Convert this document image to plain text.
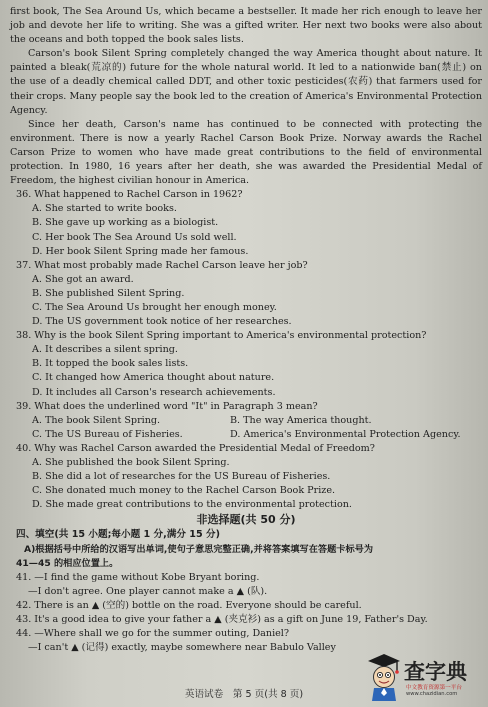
first book, The Sea Around Us, which became a bestseller. It made her rich enough to leave her job and devote her life to writing. She was a gifted writer. Her next two books were also about the oceans and both topped the book sales lists.

Carson's book Silent Spring completely changed the way America thought about nature. It painted a bleak(荒凉的) future for the whole natural world. It led to a nationwide ban(禁止) on the use of a deadly chemical called DDT, and other toxic pesticides(农药) that farmers used for their crops. Many people say the book led to the creation of America's Environmental Protection Agency.

Since her death, Carson's name has continued to be connected with protecting the environment. There is now a yearly Rachel Carson Book Prize. Norway awards the Rachel Carson Prize to women who have made great contributions to the field of environmental protection. In 1980, 16 years after her death, she was awarded the Presidential Medal of Freedom, the highest civilian honour in America.

36. What happened to Rachel Carson in 1962?

A. She started to write books.

B. She gave up working as a biologist.

C. Her book The Sea Around Us sold well.

D. Her book Silent Spring made her famous.

37. What most probably made Rachel Carson leave her job?

A. She got an award.

B. She published Silent Spring.

C. The Sea Around Us brought her enough money.

D. The US government took notice of her researches.

38. Why is the book Silent Spring important to America's environmental protection?

A. It describes a silent spring.

B. It topped the book sales lists.

C. It changed how America thought about nature.

D. It includes all Carson's research achievements.

39. What does the underlined word "It" in Paragraph 3 mean?

A. The book Silent Spring.	B. The way America thought.
C. The US Bureau of Fisheries.	D. America's Environmental Protection Agency.

40. Why was Rachel Carson awarded the Presidential Medal of Freedom?

A. She published the book Silent Spring.

B. She did a lot of researches for the US Bureau of Fisheries.

C. She donated much money to the Rachel Carson Book Prize.

D. She made great contributions to the environmental protection.

非选择题(共 50 分)

四、填空(共 15 小题;每小题 1 分,满分 15 分)

A)根据括号中所给的汉语写出单词,使句子意思完整正确,并将答案填写在答题卡标号为

41—45 的相应位置上。

41. —I find the game without Kobe Bryant boring.

—I don't agree. One player cannot make a ▲ (队).

42. There is an ▲ (空的) bottle on the road. Everyone should be careful.

43. It's a good idea to give your father a ▲ (夹克衫) as a gift on June 19, Father's Day.

44. —Where shall we go for the summer outing, Daniel?

—I can't ▲ (记得) exactly, maybe somewhere near Babulo Valley

英语试卷　第 5 页(共 8 页)
查字典
中文教育资源第一平台
www.chazidian.com
